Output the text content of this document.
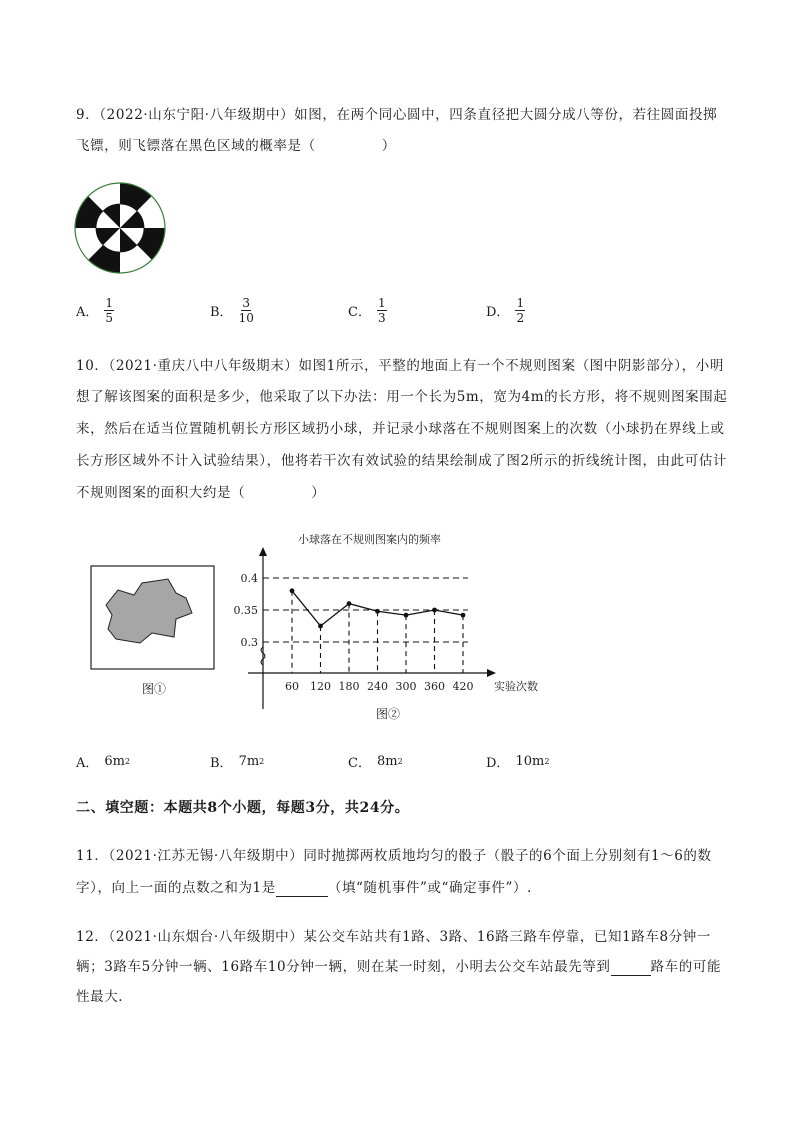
9．（2022·山东宁阳·八年级期中）如图，在两个同心圆中，四条直径把大圆分成八等份，若往圆面投掷
飞镖，则飞镖落在黑色区域的概率是（	）
A． $\frac{1}{5}$	B． $\frac{3}{10}$	C． $\frac{1}{3}$	D． $\frac{1}{2}$
10．（2021·重庆八中八年级期末）如图1所示，平整的地面上有一个不规则图案（图中阴影部分），小明
想了解该图案的面积是多少，他采取了以下办法：用一个长为5m，宽为4m的长方形，将不规则图案围起
来，然后在适当位置随机朝长方形区域扔小球，并记录小球落在不规则图案上的次数（小球扔在界线上或
长方形区域外不计入试验结果），他将若干次有效试验的结果绘制成了图2所示的折线统计图，由此可估计
不规则图案的面积大约是（	）
图①
小球落在不规则图案内的频率
实验次数
0.3
0.35
0.4
60 120 180 240 300 360 420
图②
A． 6m 2	B． 7m 2	C． 8m 2	D． 10m 2
二、填空题：本题共8个小题，每题3分，共24分。
11．（2021·江苏无锡·八年级期中）同时抛掷两枚质地均匀的骰子（骰子的6个面上分别刻有1～6的数
字），向上一面的点数之和为1是	（填“随机事件”或“确定事件”）.
12．（2021·山东烟台·八年级期中）某公交车站共有1路、3路、16路三路车停靠，已知1路车8分钟一
辆；3路车5分钟一辆、16路车10分钟一辆，则在某一时刻，小明去公交车站最先等到	路车的可能
性最大.
